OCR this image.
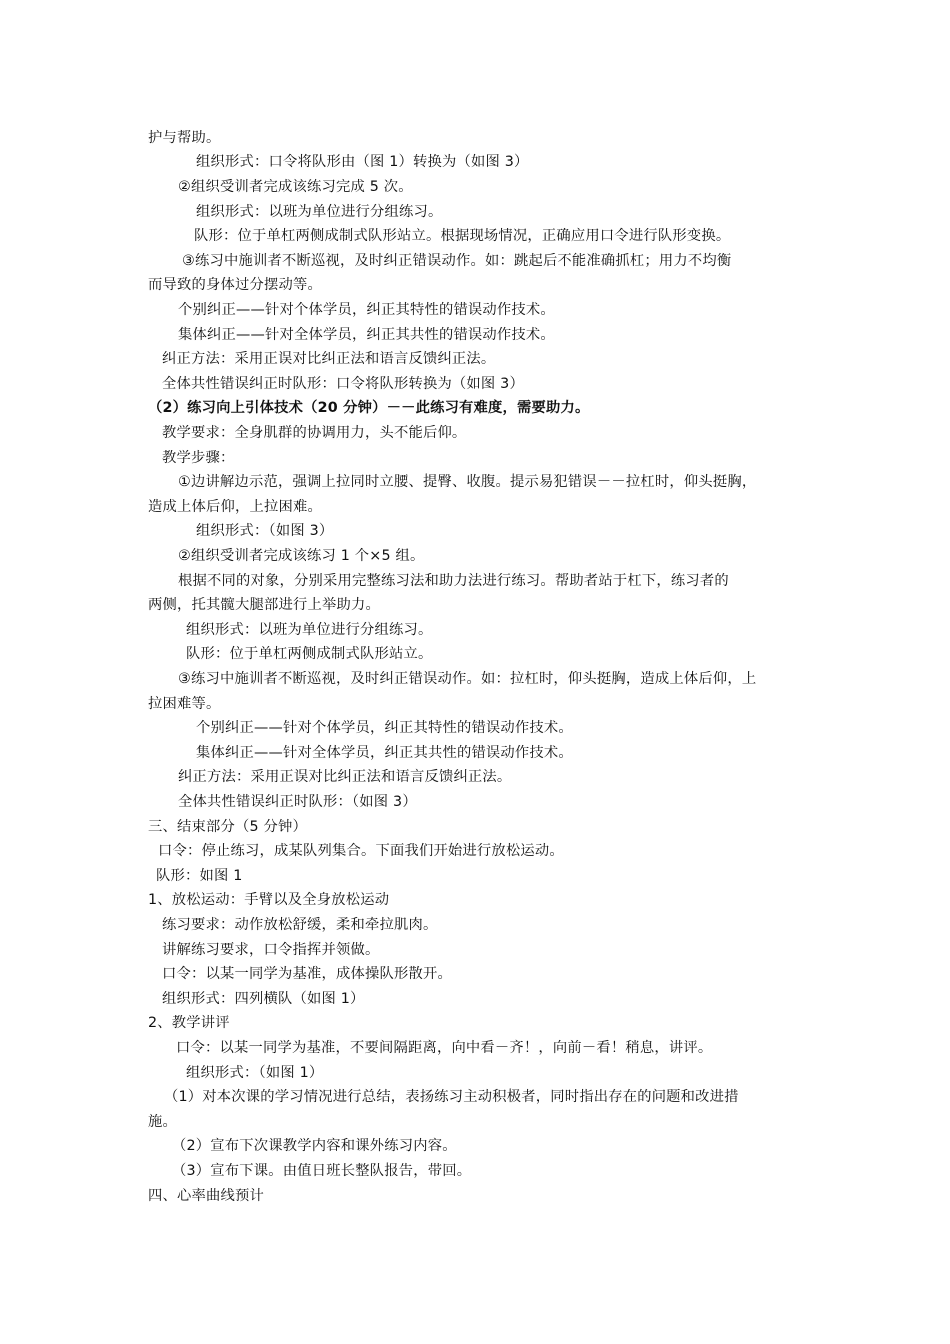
护与帮助。
组织形式：口令将队形由（图 1）转换为（如图 3）
②组织受训者完成该练习完成 5 次。
组织形式：以班为单位进行分组练习。
队形：位于单杠两侧成制式队形站立。根据现场情况，正确应用口令进行队形变换。
③练习中施训者不断巡视，及时纠正错误动作。如：跳起后不能准确抓杠；用力不均衡
而导致的身体过分摆动等。
个别纠正——针对个体学员，纠正其特性的错误动作技术。
集体纠正——针对全体学员，纠正其共性的错误动作技术。
纠正方法：采用正误对比纠正法和语言反馈纠正法。
全体共性错误纠正时队形：口令将队形转换为（如图 3）
（2）练习向上引体技术（20 分钟）－－此练习有难度，需要助力。
教学要求：全身肌群的协调用力，头不能后仰。
教学步骤：
①边讲解边示范，强调上拉同时立腰、提臀、收腹。提示易犯错误－－拉杠时，仰头挺胸，
造成上体后仰，上拉困难。
组织形式：（如图 3）
②组织受训者完成该练习 1 个×5 组。
根据不同的对象，分别采用完整练习法和助力法进行练习。帮助者站于杠下，练习者的
两侧，托其髋大腿部进行上举助力。
组织形式：以班为单位进行分组练习。
队形：位于单杠两侧成制式队形站立。
③练习中施训者不断巡视，及时纠正错误动作。如：拉杠时，仰头挺胸，造成上体后仰，上
拉困难等。
个别纠正——针对个体学员，纠正其特性的错误动作技术。
集体纠正——针对全体学员，纠正其共性的错误动作技术。
纠正方法：采用正误对比纠正法和语言反馈纠正法。
全体共性错误纠正时队形：（如图 3）
三、结束部分（5 分钟）
口令：停止练习，成某队列集合。下面我们开始进行放松运动。
队形：如图 1
1、放松运动：手臂以及全身放松运动
练习要求：动作放松舒缓，柔和牵拉肌肉。
讲解练习要求，口令指挥并领做。
口令：以某一同学为基准，成体操队形散开。
组织形式：四列横队（如图 1）
2、教学讲评
口令：以某一同学为基准，不要间隔距离，向中看－齐！，向前－看！稍息，讲评。
组织形式：（如图 1）
（1）对本次课的学习情况进行总结，表扬练习主动积极者，同时指出存在的问题和改进措
施。
（2）宣布下次课教学内容和课外练习内容。
（3）宣布下课。由值日班长整队报告，带回。
四、心率曲线预计
